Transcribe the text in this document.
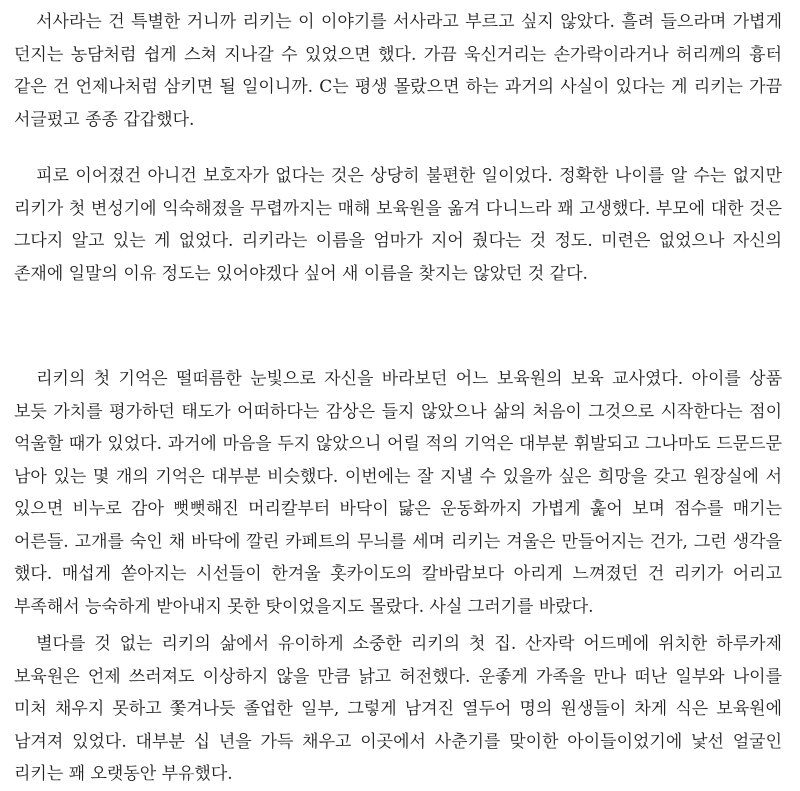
서사라는 건 특별한 거니까 리키는 이 이야기를 서사라고 부르고 싶지 않았다. 흘려 들으라며 가볍게 던지는 농담처럼 쉽게 스쳐 지나갈 수 있었으면 했다. 가끔 욱신거리는 손가락이라거나 허리께의 흉터 같은 건 언제나처럼 삼키면 될 일이니까. C는 평생 몰랐으면 하는 과거의 사실이 있다는 게 리키는 가끔 서글펐고 종종 갑갑했다.

피로 이어졌건 아니건 보호자가 없다는 것은 상당히 불편한 일이었다. 정확한 나이를 알 수는 없지만 리키가 첫 변성기에 익숙해졌을 무렵까지는 매해 보육원을 옮겨 다니느라 꽤 고생했다. 부모에 대한 것은 그다지 알고 있는 게 없었다. 리키라는 이름을 엄마가 지어 줬다는 것 정도. 미련은 없었으나 자신의 존재에 일말의 이유 정도는 있어야겠다 싶어 새 이름을 찾지는 않았던 것 같다.

리키의 첫 기억은 떨떠름한 눈빛으로 자신을 바라보던 어느 보육원의 보육 교사였다. 아이를 상품 보듯 가치를 평가하던 태도가 어떠하다는 감상은 들지 않았으나 삶의 처음이 그것으로 시작한다는 점이 억울할 때가 있었다. 과거에 마음을 두지 않았으니 어릴 적의 기억은 대부분 휘발되고 그나마도 드문드문 남아 있는 몇 개의 기억은 대부분 비슷했다. 이번에는 잘 지낼 수 있을까 싶은 희망을 갖고 원장실에 서 있으면 비누로 감아 뻣뻣해진 머리칼부터 바닥이 닳은 운동화까지 가볍게 훑어 보며 점수를 매기는 어른들. 고개를 숙인 채 바닥에 깔린 카페트의 무늬를 세며 리키는 겨울은 만들어지는 건가, 그런 생각을 했다. 매섭게 쏟아지는 시선들이 한겨울 홋카이도의 칼바람보다 아리게 느껴졌던 건 리키가 어리고 부족해서 능숙하게 받아내지 못한 탓이었을지도 몰랐다. 사실 그러기를 바랐다.

별다를 것 없는 리키의 삶에서 유이하게 소중한 리키의 첫 집. 산자락 어드메에 위치한 하루카제 보육원은 언제 쓰러져도 이상하지 않을 만큼 낡고 허전했다. 운좋게 가족을 만나 떠난 일부와 나이를 미처 채우지 못하고 쫓겨나듯 졸업한 일부, 그렇게 남겨진 열두어 명의 원생들이 차게 식은 보육원에 남겨져 있었다. 대부분 십 년을 가득 채우고 이곳에서 사춘기를 맞이한 아이들이었기에 낯선 얼굴인 리키는 꽤 오랫동안 부유했다.
